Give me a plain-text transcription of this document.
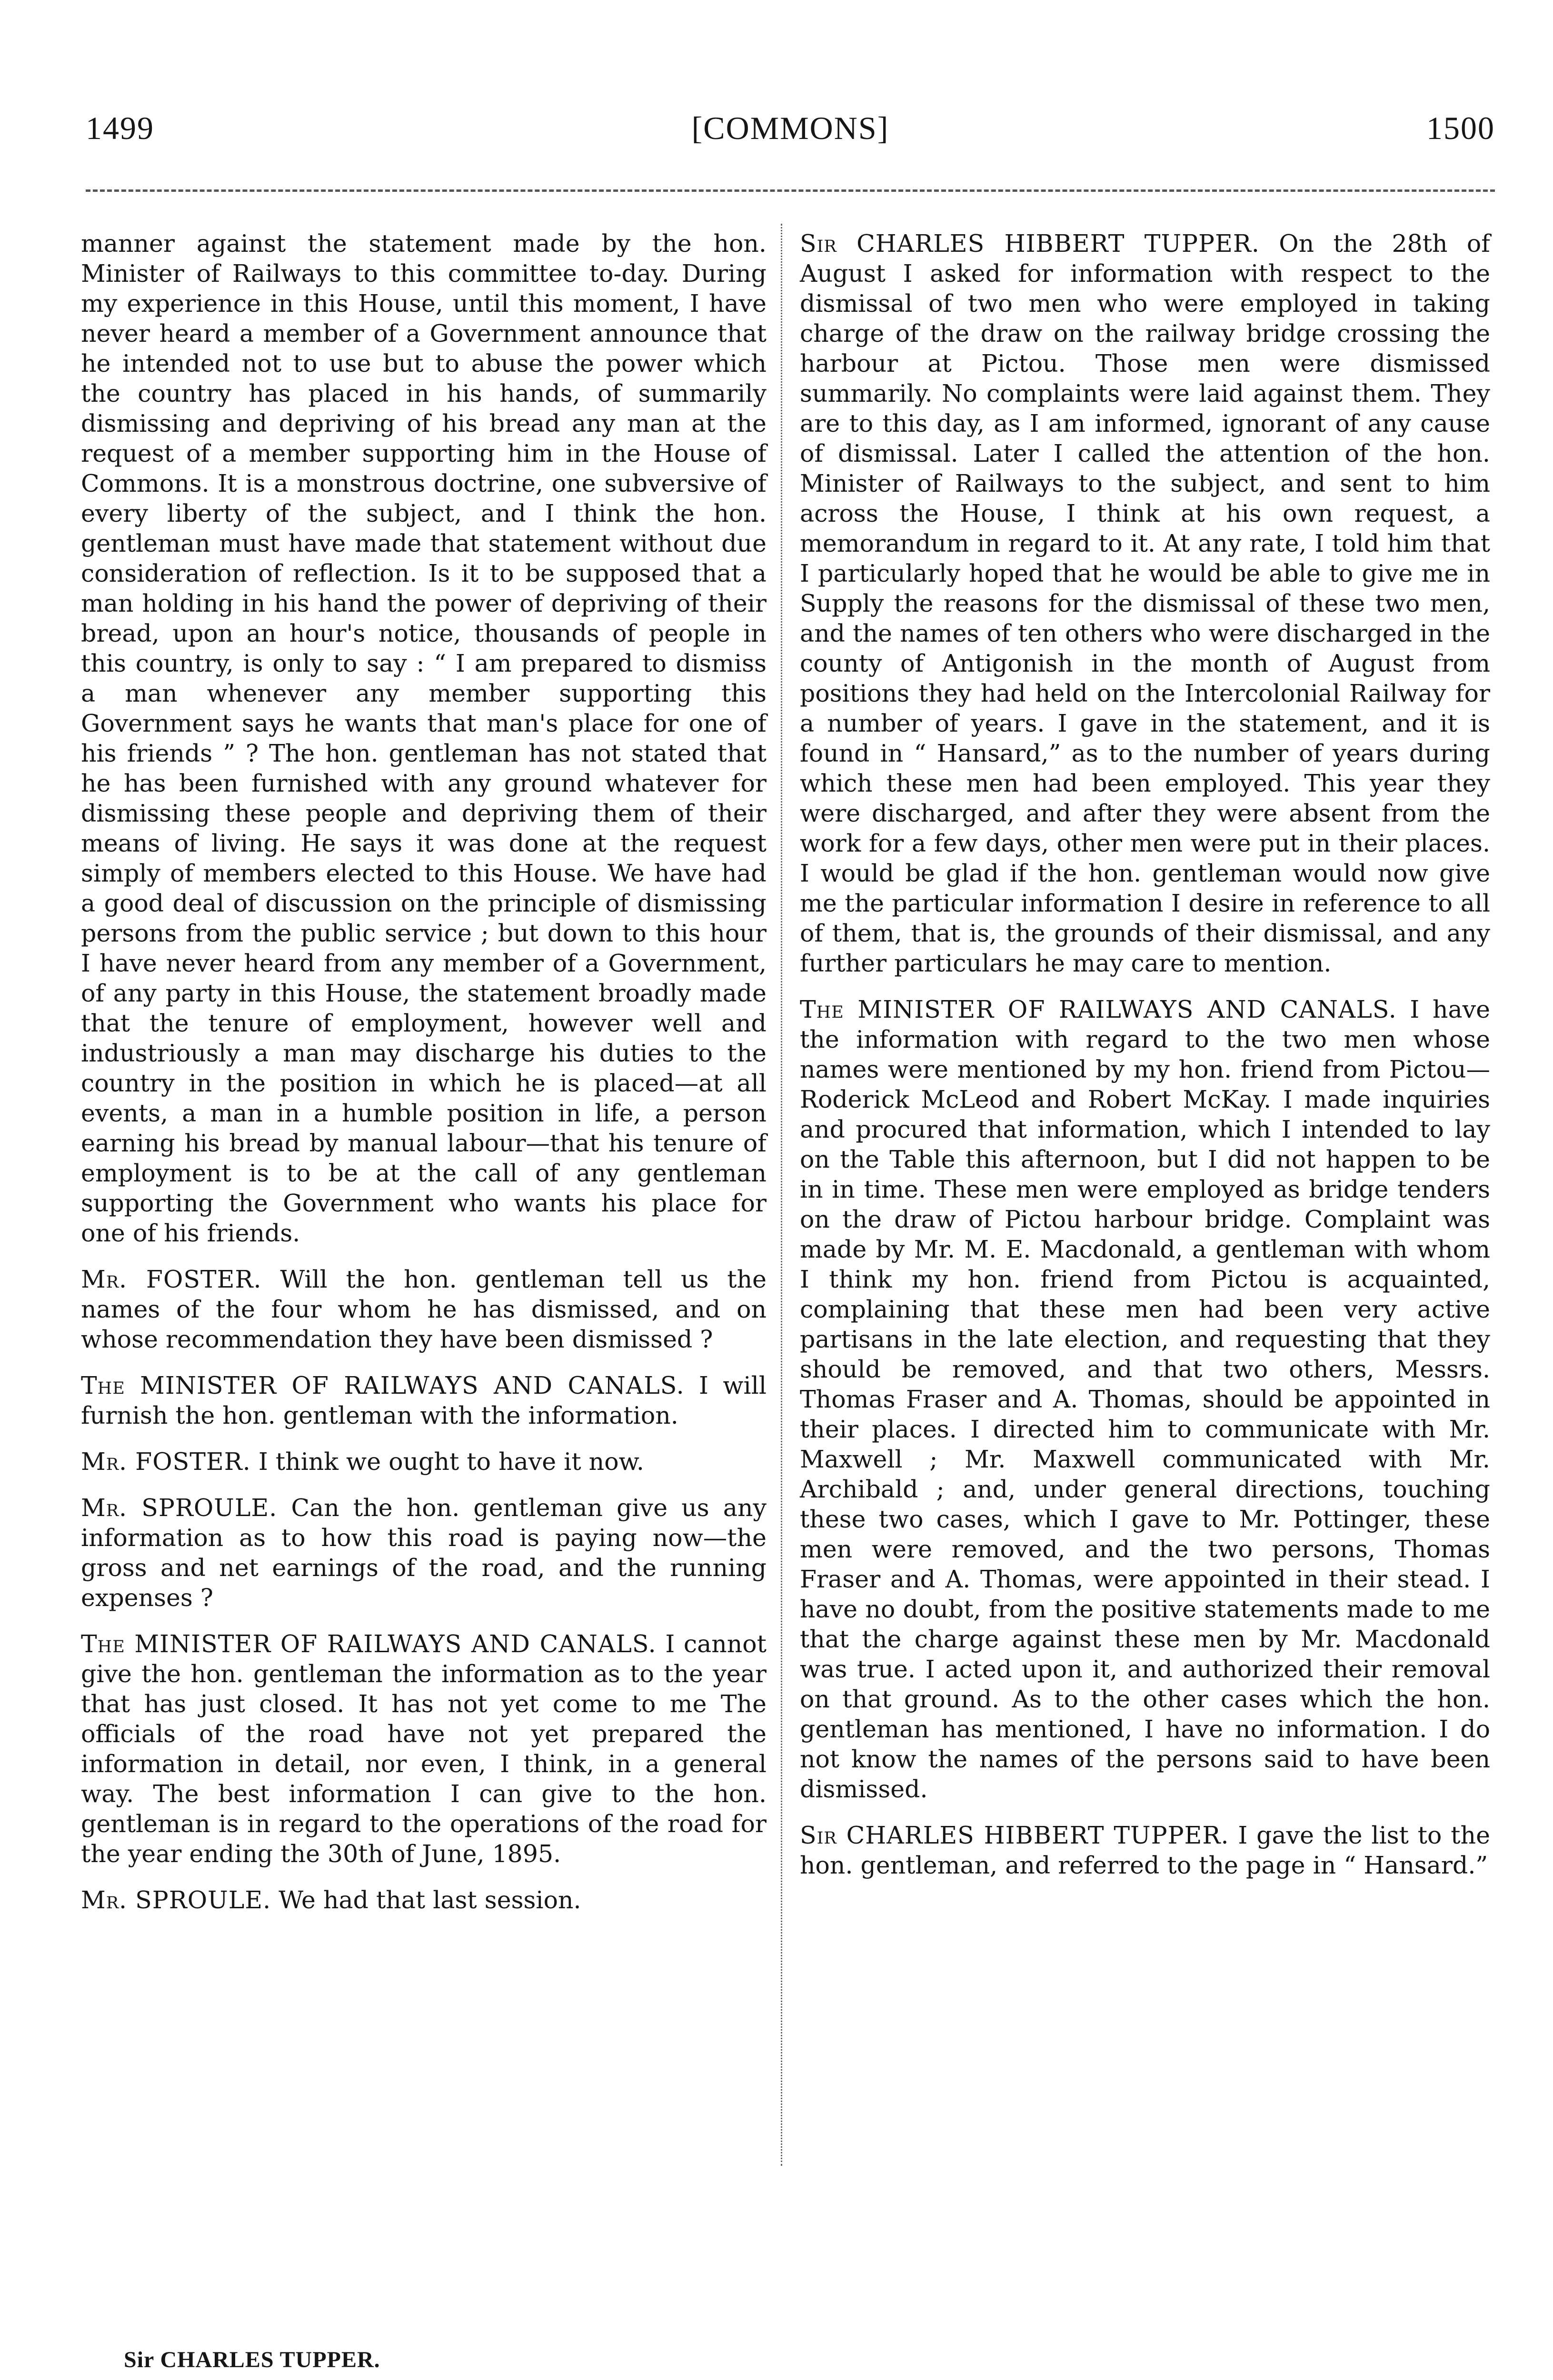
1499	[COMMONS]	1500

manner against the statement made by the hon. Minister of Railways to this committee to-day. During my experience in this House, until this moment, I have never heard a member of a Government announce that he intended not to use but to abuse the power which the country has placed in his hands, of summarily dismissing and depriving of his bread any man at the request of a member supporting him in the House of Commons. It is a monstrous doctrine, one subversive of every liberty of the subject, and I think the hon. gentleman must have made that statement without due consideration of reflection. Is it to be supposed that a man holding in his hand the power of depriving of their bread, upon an hour's notice, thousands of people in this country, is only to say : “ I am prepared to dismiss a man whenever any member supporting this Government says he wants that man's place for one of his friends ” ? The hon. gentleman has not stated that he has been furnished with any ground whatever for dismissing these people and depriving them of their means of living. He says it was done at the request simply of members elected to this House. We have had a good deal of discussion on the principle of dismissing persons from the public service ; but down to this hour I have never heard from any member of a Government, of any party in this House, the statement broadly made that the tenure of employment, however well and industriously a man may discharge his duties to the country in the position in which he is placed—at all events, a man in a humble position in life, a person earning his bread by manual labour—that his tenure of employment is to be at the call of any gentleman supporting the Government who wants his place for one of his friends.

Mr. FOSTER. Will the hon. gentleman tell us the names of the four whom he has dismissed, and on whose recommendation they have been dismissed ?

The MINISTER OF RAILWAYS AND CANALS. I will furnish the hon. gentleman with the information.

Mr. FOSTER. I think we ought to have it now.

Mr. SPROULE. Can the hon. gentleman give us any information as to how this road is paying now—the gross and net earnings of the road, and the running expenses ?

The MINISTER OF RAILWAYS AND CANALS. I cannot give the hon. gentleman the information as to the year that has just closed. It has not yet come to me The officials of the road have not yet prepared the information in detail, nor even, I think, in a general way. The best information I can give to the hon. gentleman is in regard to the operations of the road for the year ending the 30th of June, 1895.

Mr. SPROULE. We had that last session.

Sir CHARLES HIBBERT TUPPER. On the 28th of August I asked for information with respect to the dismissal of two men who were employed in taking charge of the draw on the railway bridge crossing the harbour at Pictou. Those men were dismissed summarily. No complaints were laid against them. They are to this day, as I am informed, ignorant of any cause of dismissal. Later I called the attention of the hon. Minister of Railways to the subject, and sent to him across the House, I think at his own request, a memorandum in regard to it. At any rate, I told him that I particularly hoped that he would be able to give me in Supply the reasons for the dismissal of these two men, and the names of ten others who were discharged in the county of Antigonish in the month of August from positions they had held on the Intercolonial Railway for a number of years. I gave in the statement, and it is found in “ Hansard,” as to the number of years during which these men had been employed. This year they were discharged, and after they were absent from the work for a few days, other men were put in their places. I would be glad if the hon. gentleman would now give me the particular information I desire in reference to all of them, that is, the grounds of their dismissal, and any further particulars he may care to mention.

The MINISTER OF RAILWAYS AND CANALS. I have the information with regard to the two men whose names were mentioned by my hon. friend from Pictou—Roderick McLeod and Robert McKay. I made inquiries and procured that information, which I intended to lay on the Table this afternoon, but I did not happen to be in in time. These men were employed as bridge tenders on the draw of Pictou harbour bridge. Complaint was made by Mr. M. E. Macdonald, a gentleman with whom I think my hon. friend from Pictou is acquainted, complaining that these men had been very active partisans in the late election, and requesting that they should be removed, and that two others, Messrs. Thomas Fraser and A. Thomas, should be appointed in their places. I directed him to communicate with Mr. Maxwell ; Mr. Maxwell communicated with Mr. Archibald ; and, under general directions, touching these two cases, which I gave to Mr. Pottinger, these men were removed, and the two persons, Thomas Fraser and A. Thomas, were appointed in their stead. I have no doubt, from the positive statements made to me that the charge against these men by Mr. Macdonald was true. I acted upon it, and authorized their removal on that ground. As to the other cases which the hon. gentleman has mentioned, I have no information. I do not know the names of the persons said to have been dismissed.

Sir CHARLES HIBBERT TUPPER. I gave the list to the hon. gentleman, and referred to the page in “ Hansard.”

Sir CHARLES TUPPER.
